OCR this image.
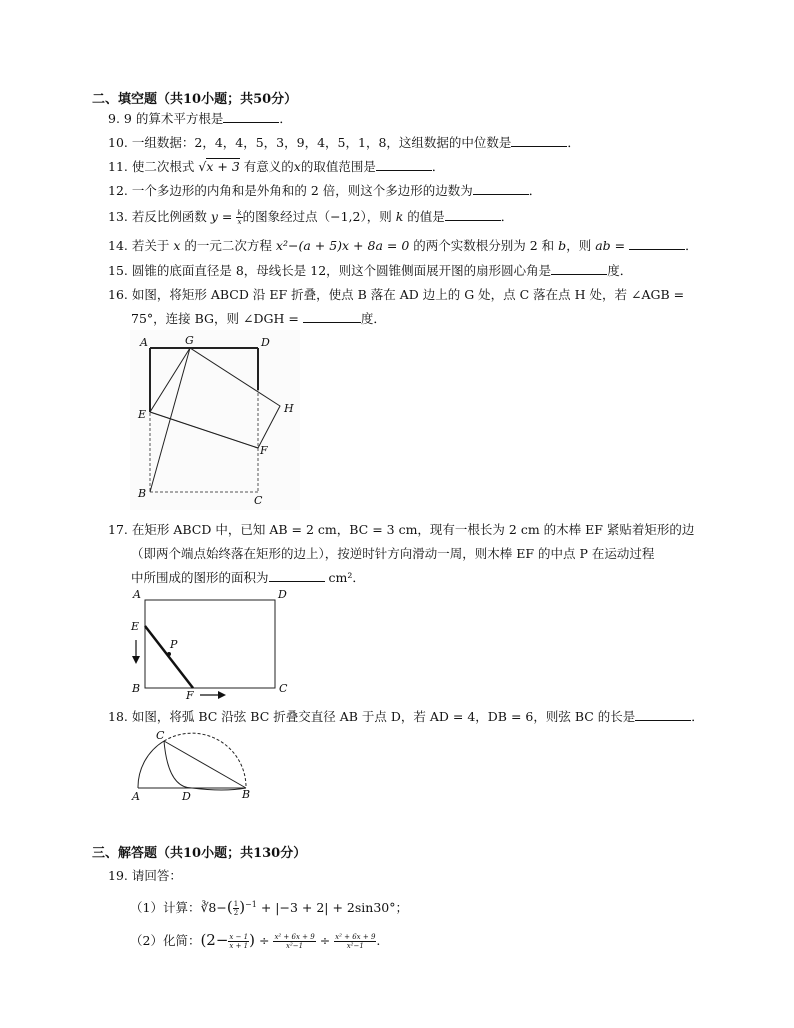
二、填空题（共10小题；共50分）
9. 9 的算术平方根是	．
10. 一组数据：2，4，4，5，3，9，4，5，1，8，这组数据的中位数是	．
11. 使二次根式 √x + 3 有意义的x的取值范围是	．
12. 一个多边形的内角和是外角和的 2 倍，则这个多边形的边数为	．
13. 若反比例函数 $y = \frac{k}{x}$ 的图象经过点（−1,2），则 k 的值是	．
14. 若关于 x 的一元二次方程 x²−(a + 5)x + 8a = 0 的两个实数根分别为 2 和 b，则 ab =	．
15. 圆锥的底面直径是 8，母线长是 12，则这个圆锥侧面展开图的扇形圆心角是	度．
16. 如图，将矩形 ABCD 沿 EF 折叠，使点 B 落在 AD 边上的 G 处，点 C 落在点 H 处，若 ∠AGB =
75°，连接 BG，则 ∠DGH =	度．
A	G	D
E	H
F
B
C
17. 在矩形 ABCD 中，已知 AB = 2 cm，BC = 3 cm，现有一根长为 2 cm 的木棒 EF 紧贴着矩形的边
（即两个端点始终落在矩形的边上），按逆时针方向滑动一周，则木棒 EF 的中点 P 在运动过程
中所围成的图形的面积为	cm²．
A	D
E
P
B
F
C
18. 如图，将弧 BC 沿弦 BC 折叠交直径 AB 于点 D，若 AD = 4，DB = 6，则弦 BC 的长是	．
C
A	D	B
三、解答题（共10小题；共130分）
19. 请回答：
（1）计算：∛8−( $\frac{1}{2} )^{-1} + |-3 + 2| + 2\sin 30^\circ$；
（2）化简：($2- \frac{x - 1}{x + 1}$ ) ÷ $\frac{\text{x² + 6x + 9}}{\text{x²−1}} \div \frac{\text{x² + 6x + 9}}{\text{x²−1}}$ .
